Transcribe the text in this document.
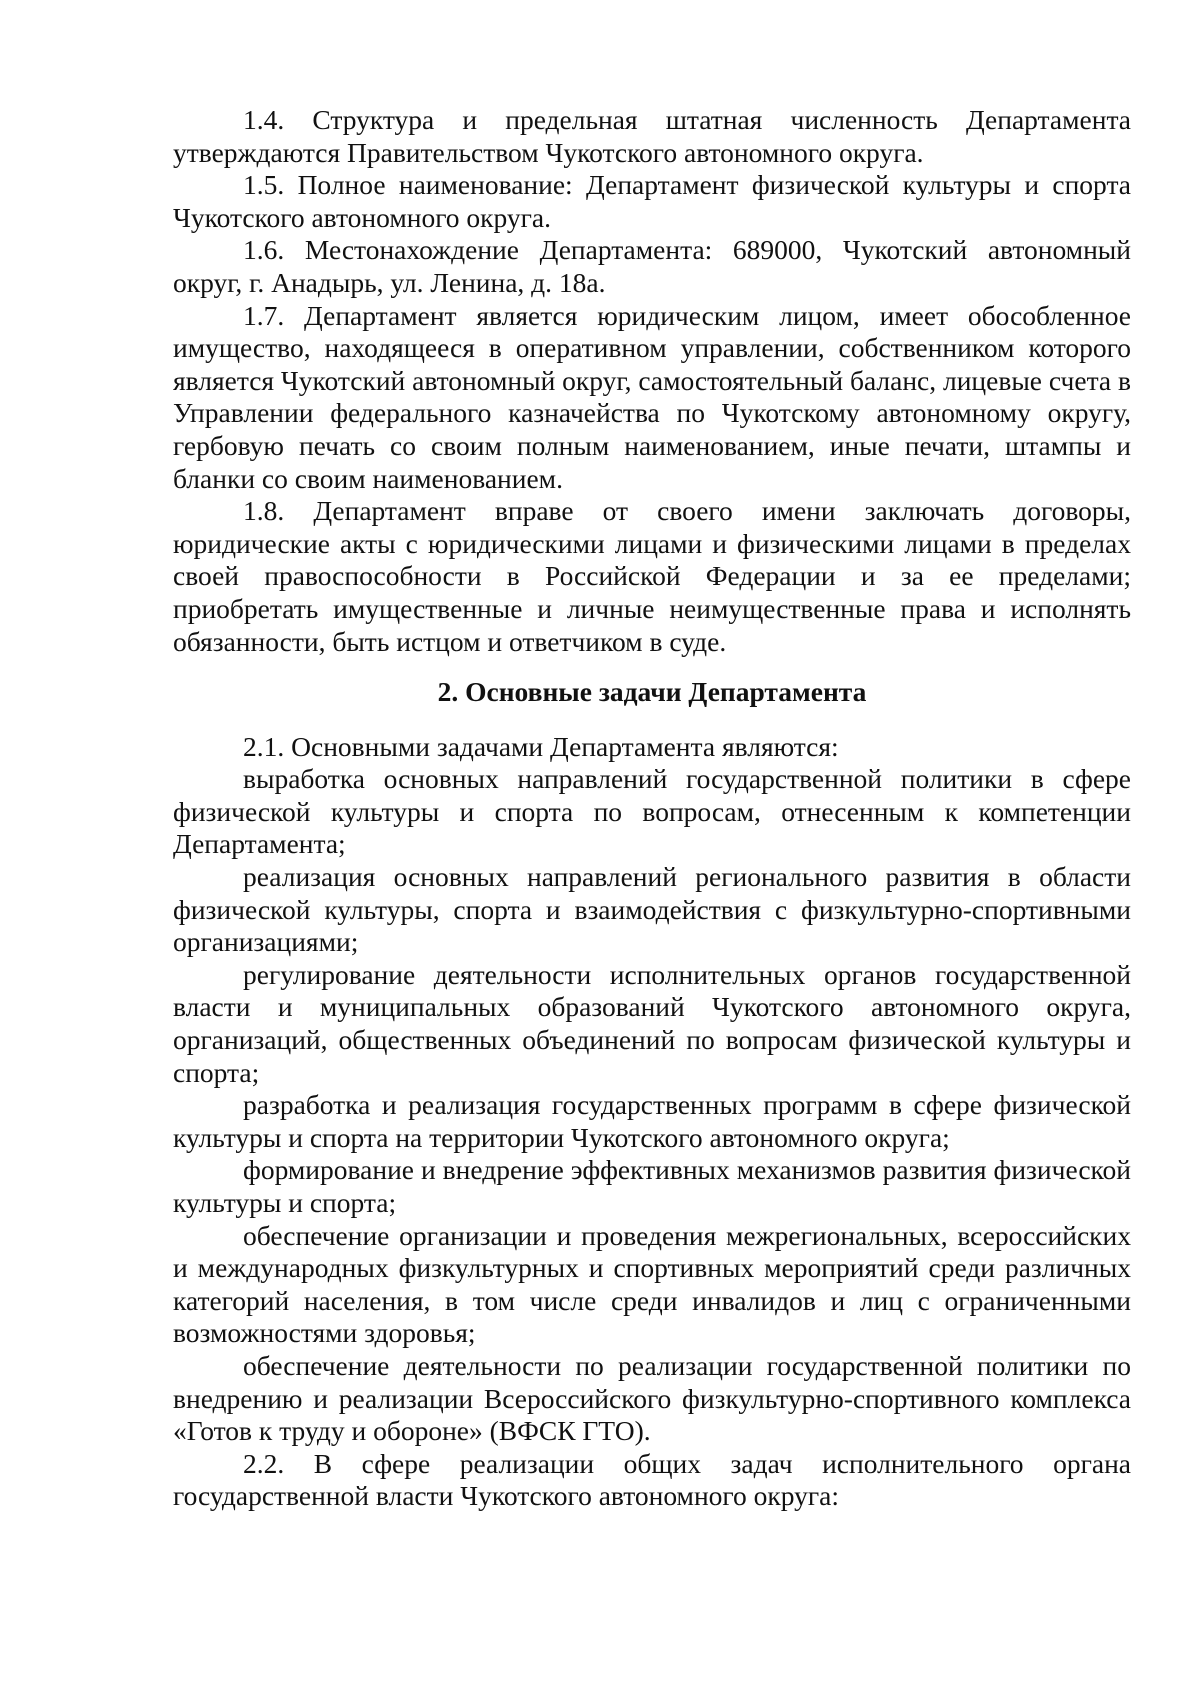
1.4. Структура и предельная штатная численность Департамента утверждаются Правительством Чукотского автономного округа.

1.5. Полное наименование: Департамент физической культуры и спорта Чукотского автономного округа.

1.6. Местонахождение Департамента: 689000, Чукотский автономный округ, г. Анадырь, ул. Ленина, д. 18а.

1.7. Департамент является юридическим лицом, имеет обособленное имущество, находящееся в оперативном управлении, собственником которого является Чукотский автономный округ, самостоятельный баланс, лицевые счета в Управлении федерального казначейства по Чукотскому автономному округу, гербовую печать со своим полным наименованием, иные печати, штампы и бланки со своим наименованием.

1.8. Департамент вправе от своего имени заключать договоры, юридические акты с юридическими лицами и физическими лицами в пределах своей правоспособности в Российской Федерации и за ее пределами; приобретать имущественные и личные неимущественные права и исполнять обязанности, быть истцом и ответчиком в суде.

2. Основные задачи Департамента

2.1. Основными задачами Департамента являются:

выработка основных направлений государственной политики в сфере физической культуры и спорта по вопросам, отнесенным к компетенции Департамента;

реализация основных направлений регионального развития в области физической культуры, спорта и взаимодействия с физкультурно-спортивными организациями;

регулирование деятельности исполнительных органов государственной власти и муниципальных образований Чукотского автономного округа, организаций, общественных объединений по вопросам физической культуры и спорта;

разработка и реализация государственных программ в сфере физической культуры и спорта на территории Чукотского автономного округа;

формирование и внедрение эффективных механизмов развития физической культуры и спорта;

обеспечение организации и проведения межрегиональных, всероссийских и международных физкультурных и спортивных мероприятий среди различных категорий населения, в том числе среди инвалидов и лиц с ограниченными возможностями здоровья;

обеспечение деятельности по реализации государственной политики по внедрению и реализации Всероссийского физкультурно-спортивного комплекса «Готов к труду и обороне» (ВФСК ГТО).

2.2. В сфере реализации общих задач исполнительного органа государственной власти Чукотского автономного округа:
